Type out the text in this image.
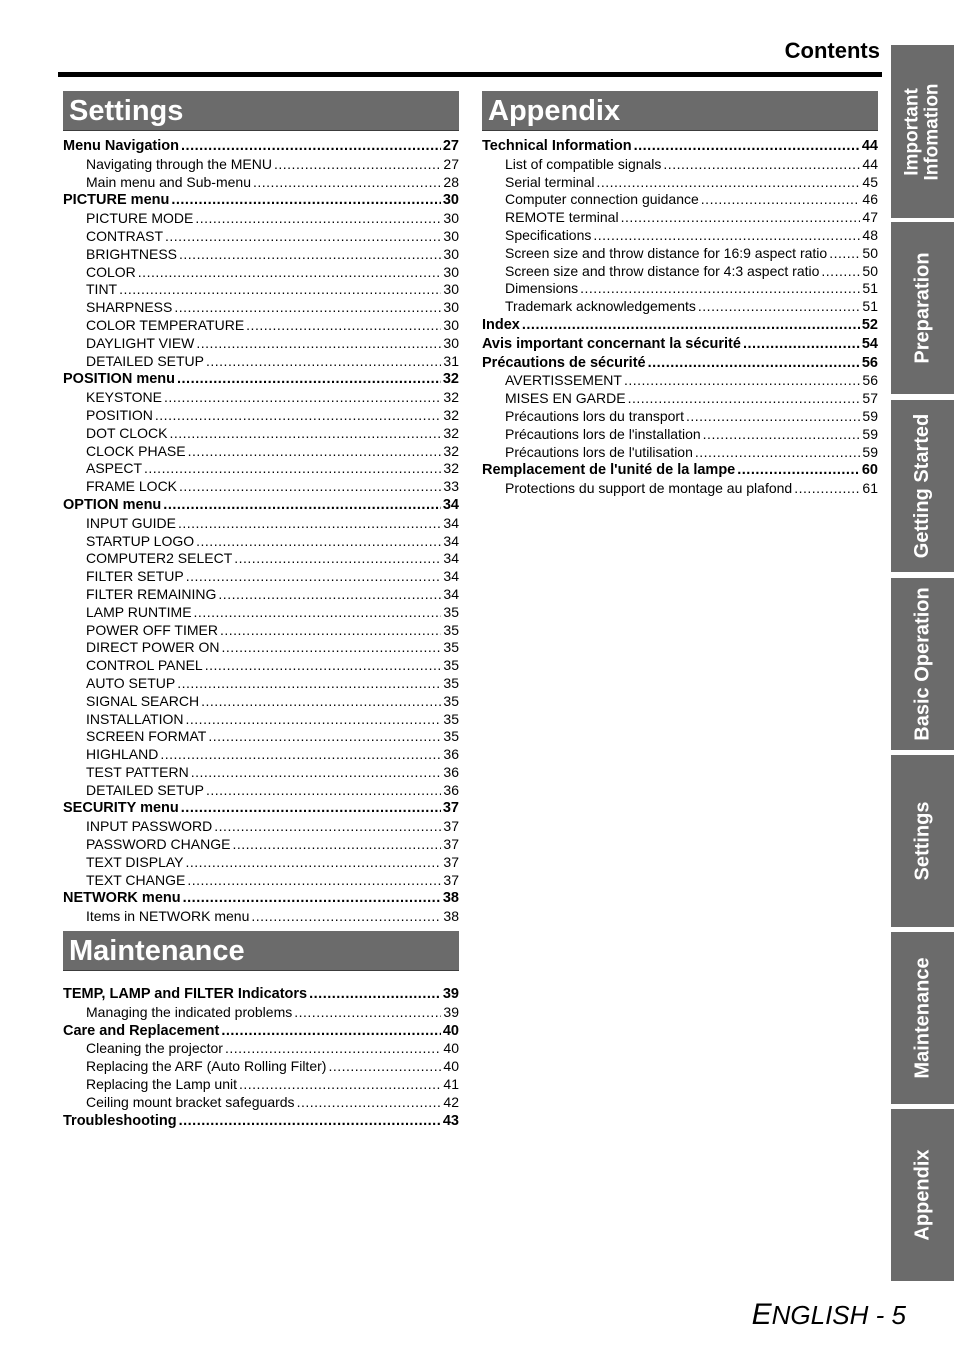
Contents
Settings
Menu Navigation .....	27
Navigating through the MENU .....	27
Main menu and Sub-menu .....	28
PICTURE menu .....	30
PICTURE MODE .....	30
CONTRAST .....	30
BRIGHTNESS .....	30
COLOR .....	30
TINT .....	30
SHARPNESS .....	30
COLOR TEMPERATURE .....	30
DAYLIGHT VIEW .....	30
DETAILED SETUP .....	31
POSITION menu .....	32
KEYSTONE .....	32
POSITION .....	32
DOT CLOCK .....	32
CLOCK PHASE .....	32
ASPECT .....	32
FRAME LOCK .....	33
OPTION menu .....	34
INPUT GUIDE .....	34
STARTUP LOGO .....	34
COMPUTER2 SELECT .....	34
FILTER SETUP .....	34
FILTER REMAINING .....	34
LAMP RUNTIME .....	35
POWER OFF TIMER .....	35
DIRECT POWER ON .....	35
CONTROL PANEL .....	35
AUTO SETUP .....	35
SIGNAL SEARCH .....	35
INSTALLATION .....	35
SCREEN FORMAT .....	35
HIGHLAND .....	36
TEST PATTERN .....	36
DETAILED SETUP .....	36
SECURITY menu .....	37
INPUT PASSWORD .....	37
PASSWORD CHANGE .....	37
TEXT DISPLAY .....	37
TEXT CHANGE .....	37
NETWORK menu .....	38
Items in NETWORK menu .....	38
Maintenance
TEMP, LAMP and FILTER Indicators .....	39
Managing the indicated problems .....	39
Care and Replacement .....	40
Cleaning the projector .....	40
Replacing the ARF (Auto Rolling Filter) .....	40
Replacing the Lamp unit .....	41
Ceiling mount bracket safeguards .....	42
Troubleshooting .....	43
Appendix
Technical Information .....	44
List of compatible signals .....	44
Serial terminal .....	45
Computer connection guidance .....	46
REMOTE terminal .....	47
Specifications .....	48
Screen size and throw distance for 16:9 aspect ratio .....	50
Screen size and throw distance for 4:3 aspect ratio .....	50
Dimensions .....	51
Trademark acknowledgements .....	51
Index .....	52
Avis important concernant la sécurité .....	54
Précautions de sécurité .....	56
AVERTISSEMENT .....	56
MISES EN GARDE .....	57
Précautions lors du transport .....	59
Précautions lors de l'installation .....	59
Précautions lors de l'utilisation .....	59
Remplacement de l'unité de la lampe .....	60
Protections du support de montage au plafond .....	61
Important Infomation
Preparation
Getting Started
Basic Operation
Settings
Maintenance
Appendix
ENGLISH - 5
